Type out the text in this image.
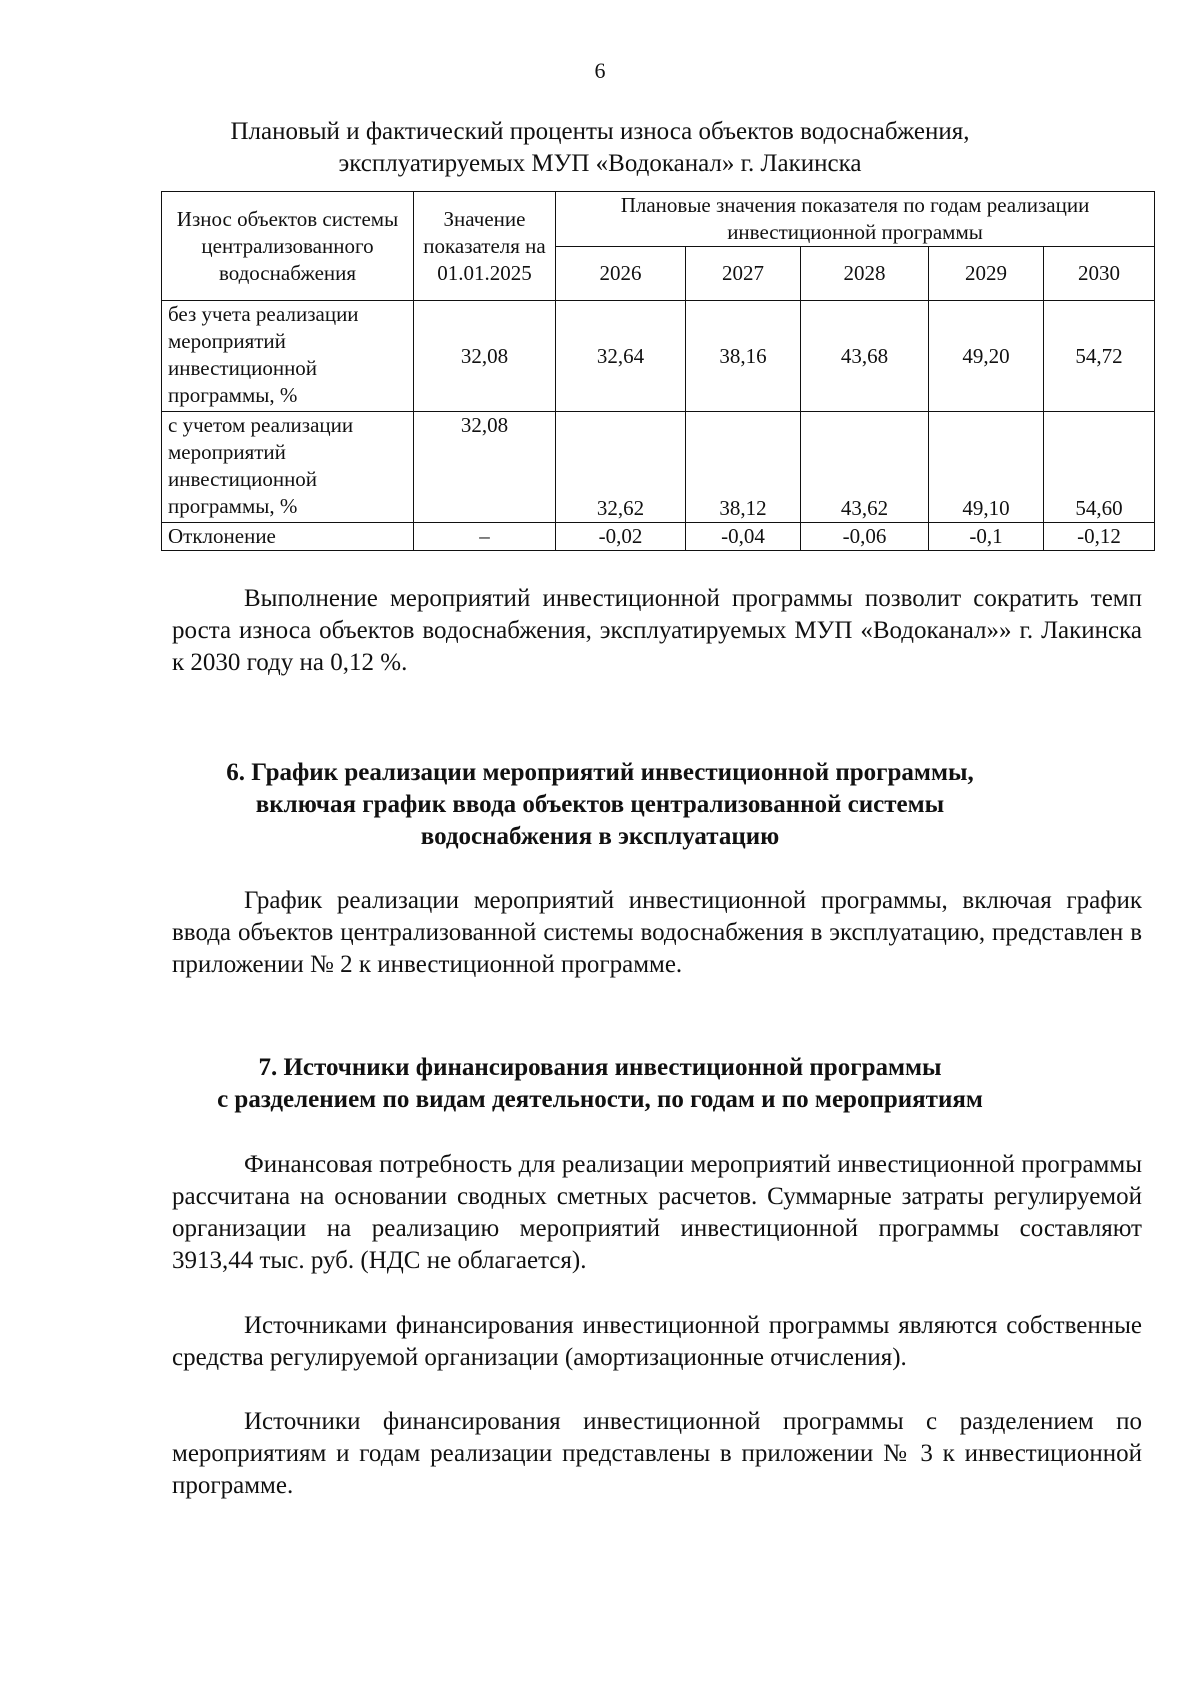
6
Плановый и фактический проценты износа объектов водоснабжения,
эксплуатируемых МУП «Водоканал» г. Лакинска
Износ объектов системы централизованного водоснабжения	Значение показателя на 01.01.2025	Плановые значения показателя по годам реализации инвестиционной программы				
		2026	2027	2028	2029	2030
без учета реализации мероприятий инвестиционной программы, %	32,08	32,64	38,16	43,68	49,20	54,72
с учетом реализации мероприятий инвестиционной программы, %	32,08	32,62	38,12	43,62	49,10	54,60
Отклонение	–	-0,02	-0,04	-0,06	-0,1	-0,12

Выполнение мероприятий инвестиционной программы позволит сократить темп роста износа объектов водоснабжения, эксплуатируемых МУП «Водоканал»» г. Лакинска к 2030 году на 0,12 %.

6. График реализации мероприятий инвестиционной программы,
включая график ввода объектов централизованной системы
водоснабжения в эксплуатацию

График реализации мероприятий инвестиционной программы, включая график ввода объектов централизованной системы водоснабжения в эксплуатацию, представлен в приложении № 2 к инвестиционной программе.

7. Источники финансирования инвестиционной программы
с разделением по видам деятельности, по годам и по мероприятиям

Финансовая потребность для реализации мероприятий инвестиционной программы рассчитана на основании сводных сметных расчетов. Суммарные затраты регулируемой организации на реализацию мероприятий инвестиционной программы составляют 3913,44 тыс. руб. (НДС не облагается).

Источниками финансирования инвестиционной программы являются собственные средства регулируемой организации (амортизационные отчисления).

Источники финансирования инвестиционной программы с разделением по мероприятиям и годам реализации представлены в приложении № 3 к инвестиционной программе.
